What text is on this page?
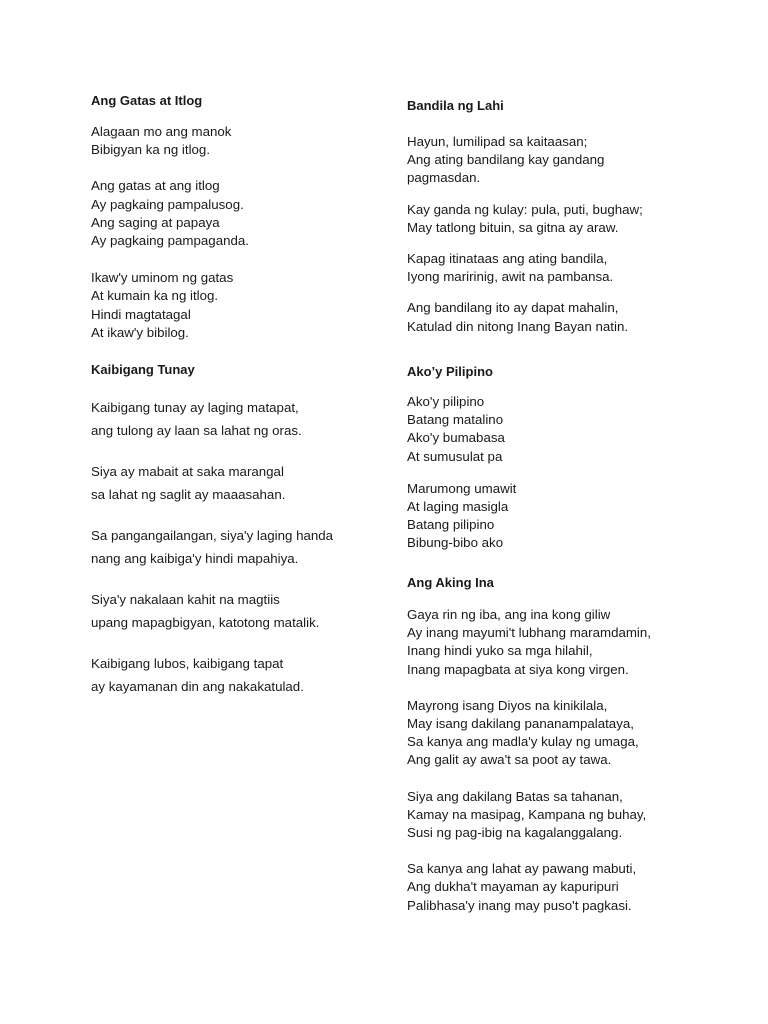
Ang Gatas at Itlog

Alagaan mo ang manok
Bibigyan ka ng itlog.

Ang gatas at ang itlog
Ay pagkaing pampalusog.
Ang saging at papaya
Ay pagkaing pampaganda.

Ikaw'y uminom ng gatas
At kumain ka ng itlog.
Hindi magtatagal
At ikaw'y bibilog.

Kaibigang Tunay

Kaibigang tunay ay laging matapat,
ang tulong ay laan sa lahat ng oras.

Siya ay mabait at saka marangal
sa lahat ng saglit ay maaasahan.

Sa pangangailangan, siya'y laging handa
nang ang kaibiga'y hindi mapahiya.

Siya'y nakalaan kahit na magtiis
upang mapagbigyan, katotong matalik.

Kaibigang lubos, kaibigang tapat
ay kayamanan din ang nakakatulad.

Bandila ng Lahi

Hayun, lumilipad sa kaitaasan;
Ang ating bandilang kay gandang
pagmasdan.

Kay ganda ng kulay: pula, puti, bughaw;
May tatlong bituin, sa gitna ay araw.

Kapag itinataas ang ating bandila,
Iyong maririnig, awit na pambansa.

Ang bandilang ito ay dapat mahalin,
Katulad din nitong Inang Bayan natin.

Ako’y Pilipino

Ako'y pilipino
Batang matalino
Ako'y bumabasa
At sumusulat pa

Marumong umawit
At laging masigla
Batang pilipino
Bibung-bibo ako

Ang Aking Ina

Gaya rin ng iba, ang ina kong giliw
Ay inang mayumi't lubhang maramdamin,
Inang hindi yuko sa mga hilahil,
Inang mapagbata at siya kong virgen.

Mayrong isang Diyos na kinikilala,
May isang dakilang pananampalataya,
Sa kanya ang madla'y kulay ng umaga,
Ang galit ay awa't sa poot ay tawa.

Siya ang dakilang Batas sa tahanan,
Kamay na masipag, Kampana ng buhay,
Susi ng pag-ibig na kagalanggalang.

Sa kanya ang lahat ay pawang mabuti,
Ang dukha't mayaman ay kapuripuri
Palibhasa'y inang may puso't pagkasi.
